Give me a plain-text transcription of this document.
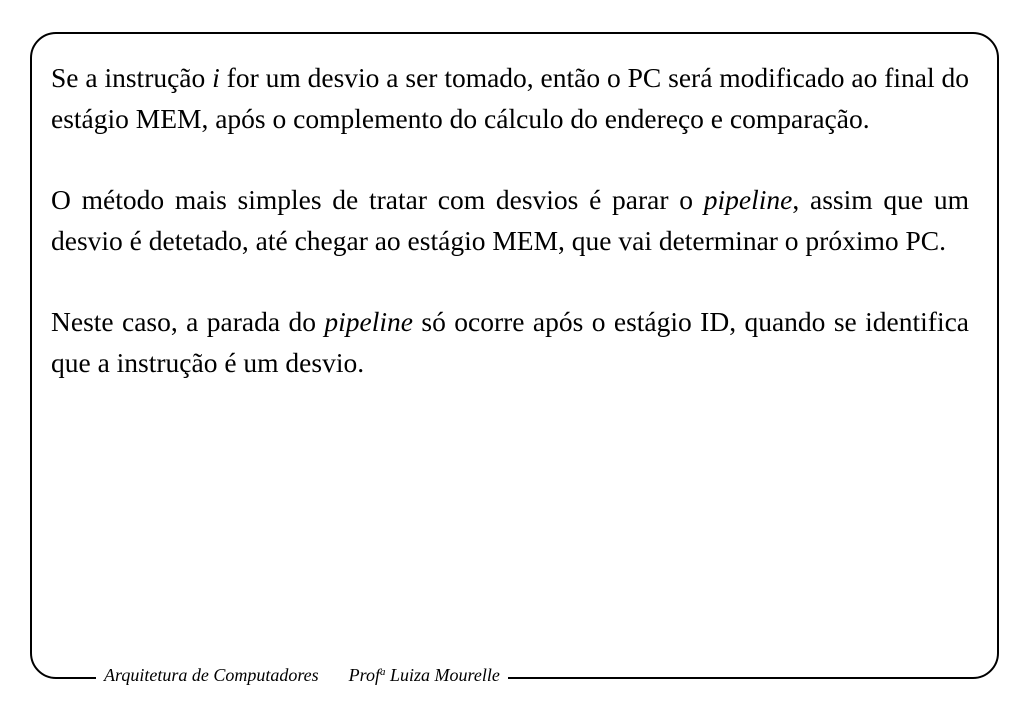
Se a instrução i for um desvio a ser tomado, então o PC será modificado ao final do estágio MEM, após o complemento do cálculo do endereço e comparação.

O método mais simples de tratar com desvios é parar o pipeline, assim que um desvio é detetado, até chegar ao estágio MEM, que vai determinar o próximo PC.

Neste caso, a parada do pipeline só ocorre após o estágio ID, quando se identifica que a instrução é um desvio.

Arquitetura de Computadores Prof$^a$ Luiza Mourelle
